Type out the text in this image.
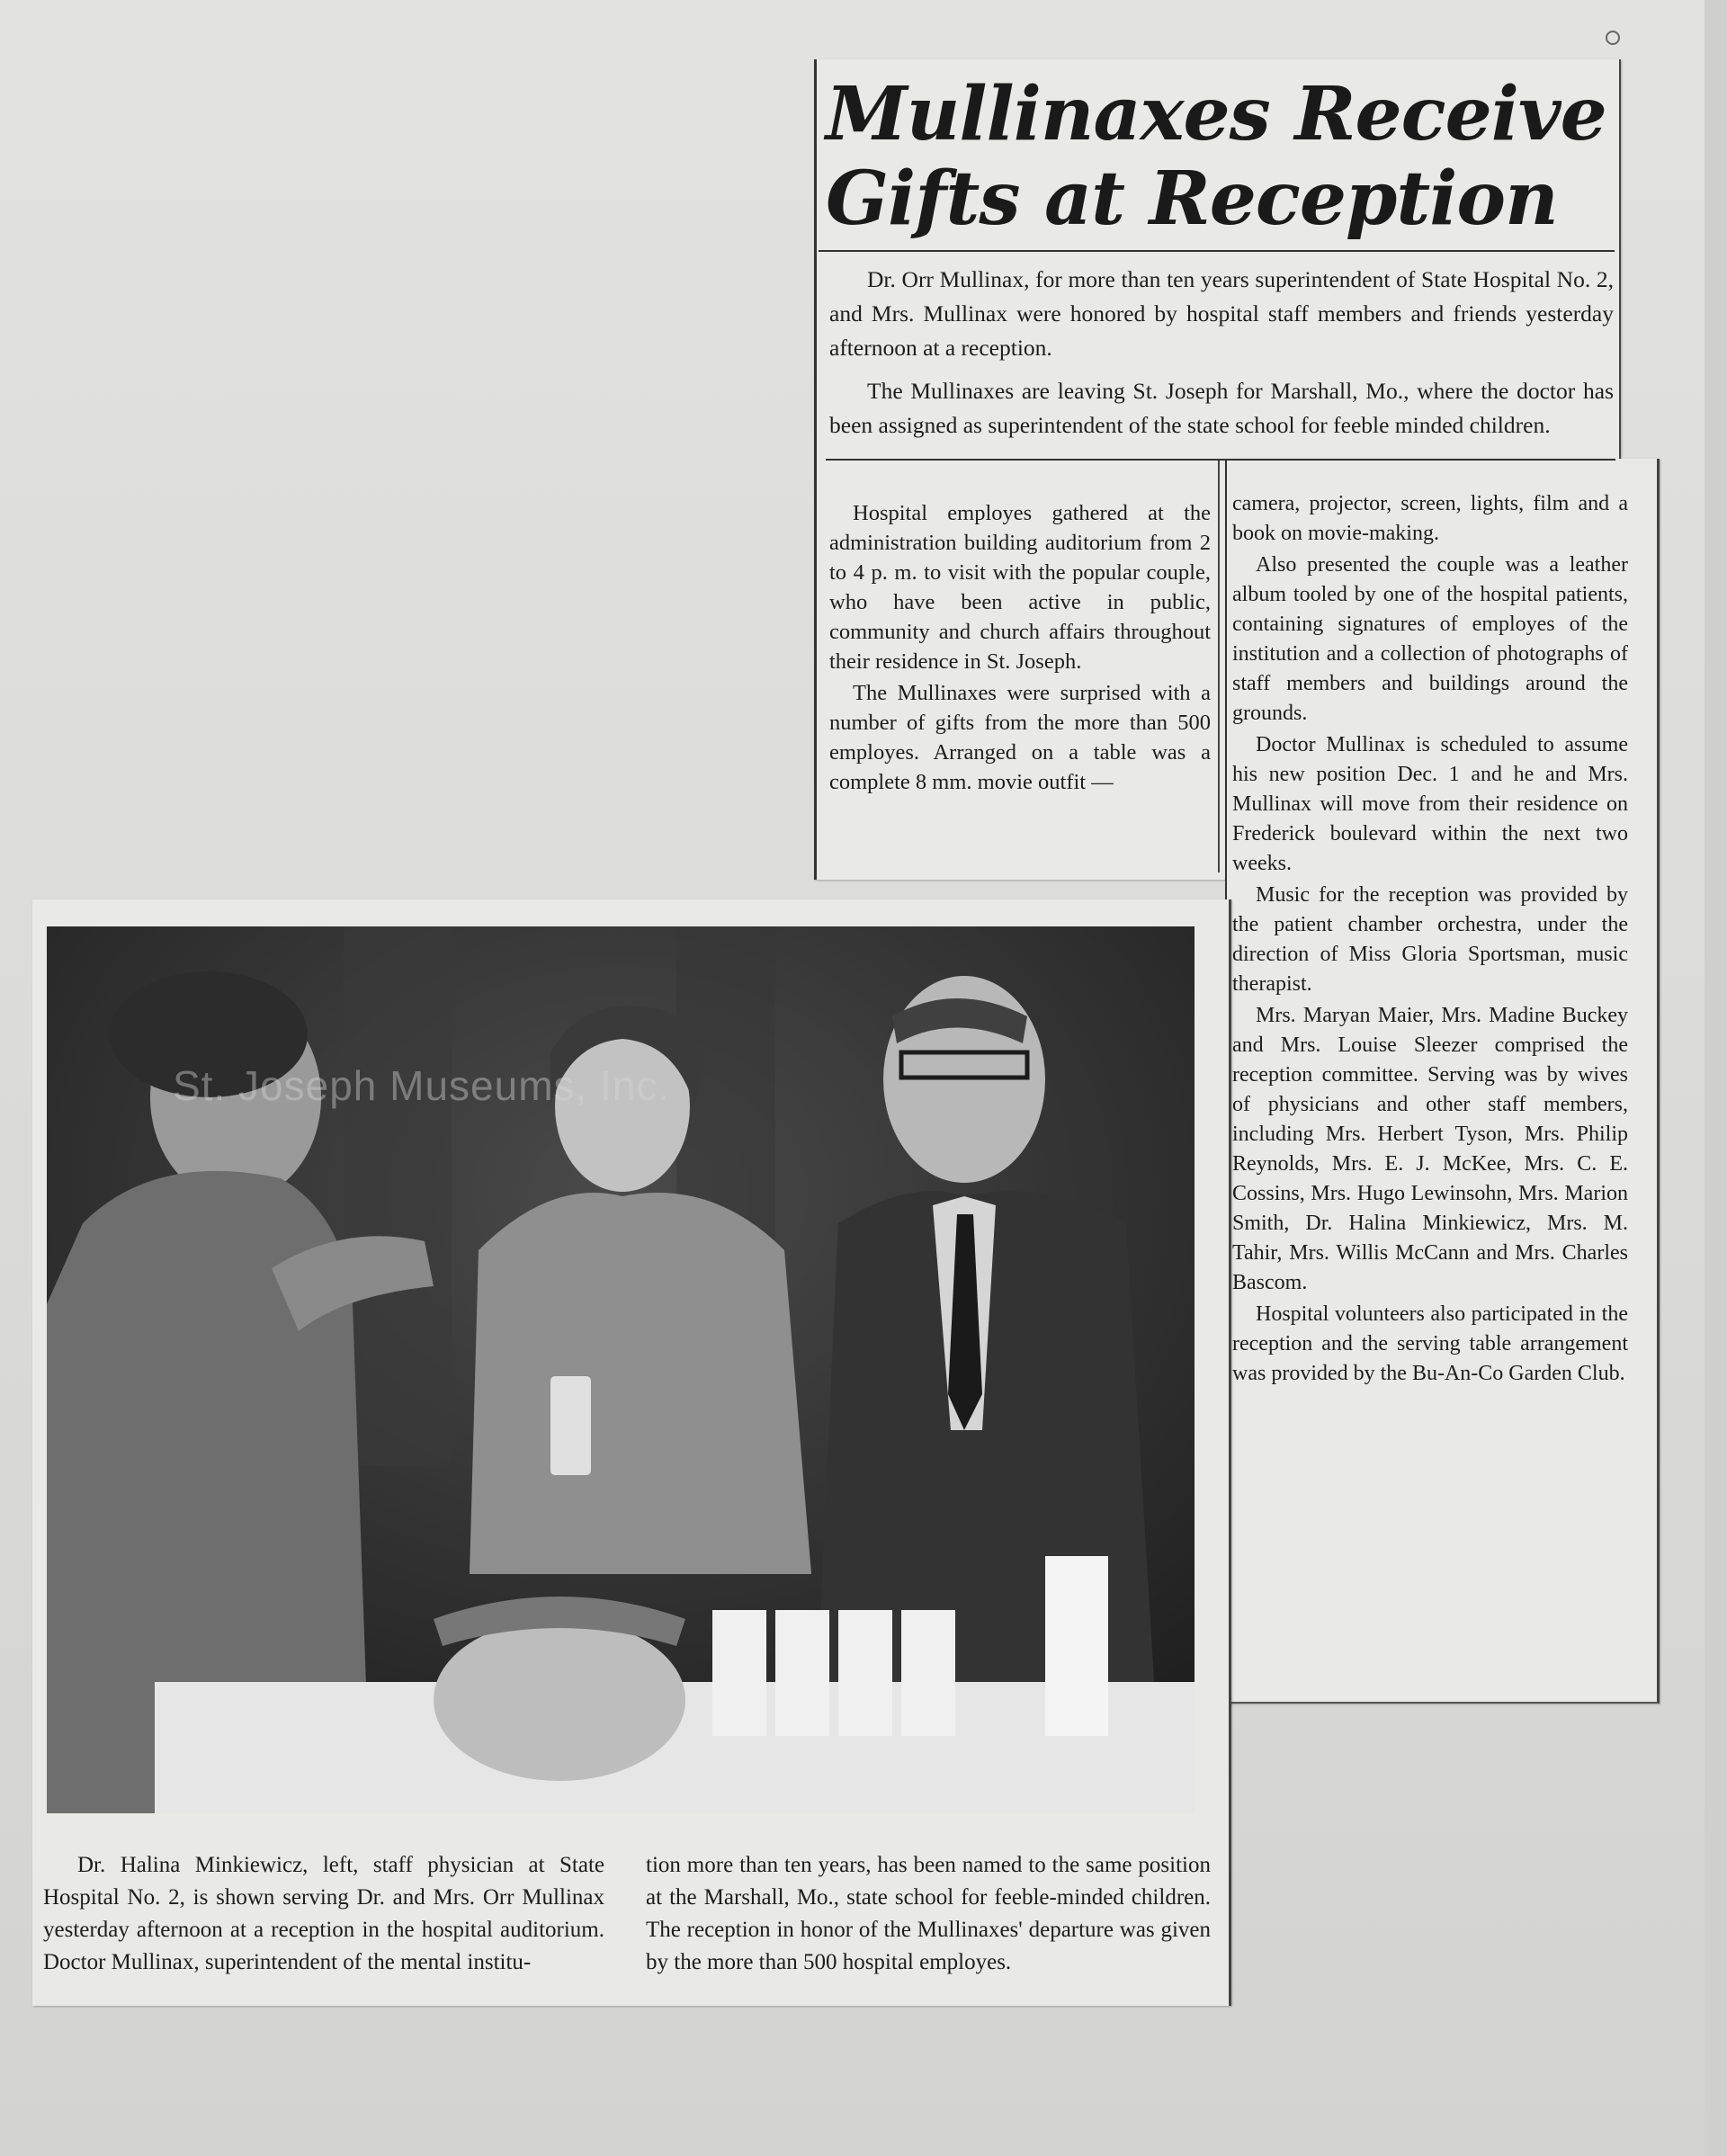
Mullinaxes Receive
Gifts at Reception

Dr. Orr Mullinax, for more than ten years superintendent of State Hospital No. 2, and Mrs. Mullinax were honored by hospital staff members and friends yesterday afternoon at a reception.

The Mullinaxes are leaving St. Joseph for Marshall, Mo., where the doctor has been assigned as superintendent of the state school for feeble minded children.

Hospital employes gathered at the administration building auditorium from 2 to 4 p. m. to visit with the popular couple, who have been active in public, community and church affairs throughout their residence in St. Joseph.

The Mullinaxes were surprised with a number of gifts from the more than 500 employes. Arranged on a table was a complete 8 mm. movie outfit —

camera, projector, screen, lights, film and a book on movie-making.

Also presented the couple was a leather album tooled by one of the hospital patients, containing signatures of employes of the institution and a collection of photographs of staff members and buildings around the grounds.

Doctor Mullinax is scheduled to assume his new position Dec. 1 and he and Mrs. Mullinax will move from their residence on Frederick boulevard within the next two weeks.

Music for the reception was provided by the patient chamber orchestra, under the direction of Miss Gloria Sportsman, music therapist.

Mrs. Maryan Maier, Mrs. Madine Buckey and Mrs. Louise Sleezer comprised the reception committee. Serving was by wives of physicians and other staff members, including Mrs. Herbert Tyson, Mrs. Philip Reynolds, Mrs. E. J. McKee, Mrs. C. E. Cossins, Mrs. Hugo Lewinsohn, Mrs. Marion Smith, Dr. Halina Minkiewicz, Mrs. M. Tahir, Mrs. Willis McCann and Mrs. Charles Bascom.

Hospital volunteers also participated in the reception and the serving table arrangement was provided by the Bu-An-Co Garden Club.

St. Joseph Museums, Inc.

Dr. Halina Minkiewicz, left, staff physician at State Hospital No. 2, is shown serving Dr. and Mrs. Orr Mullinax yesterday afternoon at a reception in the hospital auditorium. Doctor Mullinax, superintendent of the mental institu-

tion more than ten years, has been named to the same position at the Marshall, Mo., state school for feeble-minded children. The reception in honor of the Mullinaxes' departure was given by the more than 500 hospital employes.
